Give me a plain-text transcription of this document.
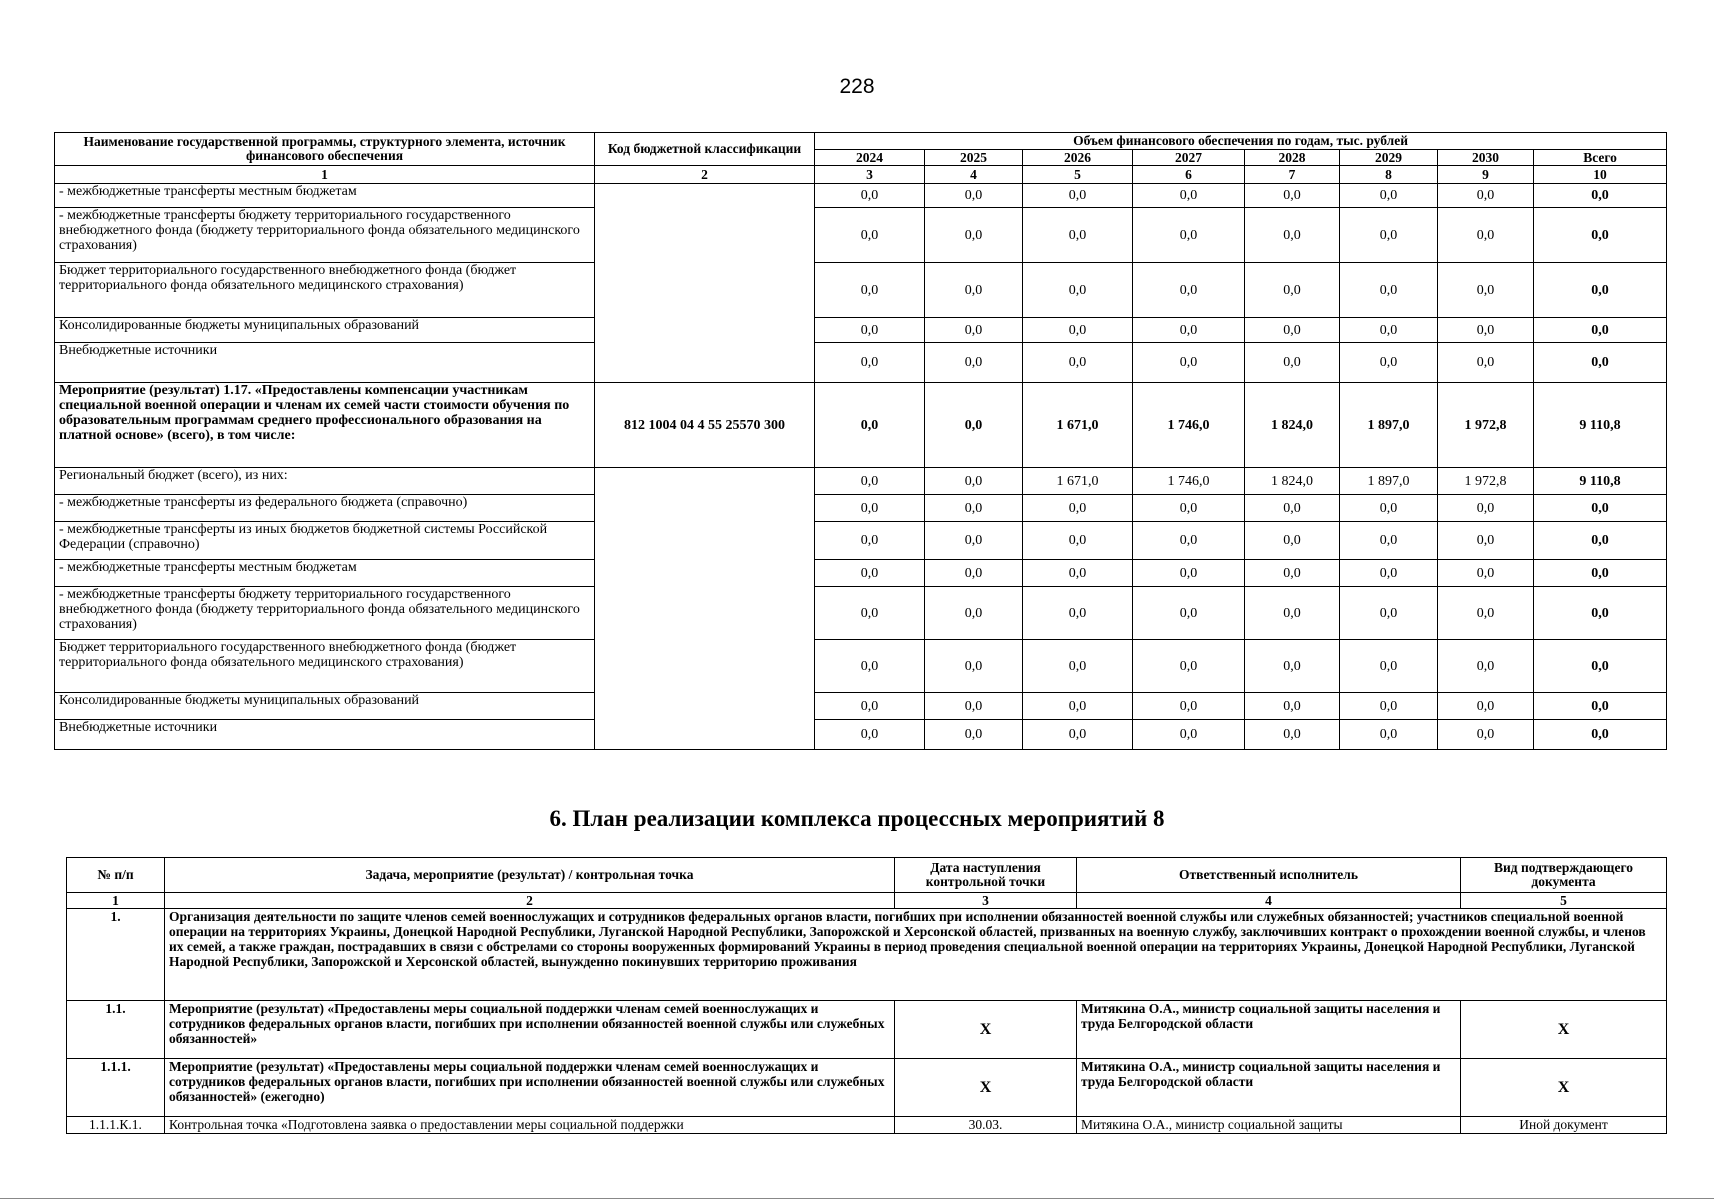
228
Наименование государственной программы, структурного элемента, источник финансового обеспечения	Код бюджетной классификации	Объем финансового обеспечения по годам, тыс. рублей							
		2024	2025	2026	2027	2028	2029	2030	Всего
1	2	3	4	5	6	7	8	9	10
- межбюджетные трансферты местным бюджетам		0,0	0,0	0,0	0,0	0,0	0,0	0,0	0,0
- межбюджетные трансферты бюджету территориального государственного внебюджетного фонда (бюджету территориального фонда обязательного медицинского страхования)		0,0	0,0	0,0	0,0	0,0	0,0	0,0	0,0
Бюджет территориального государственного внебюджетного фонда (бюджет территориального фонда обязательного медицинского страхования)		0,0	0,0	0,0	0,0	0,0	0,0	0,0	0,0
Консолидированные бюджеты муниципальных образований		0,0	0,0	0,0	0,0	0,0	0,0	0,0	0,0
Внебюджетные источники		0,0	0,0	0,0	0,0	0,0	0,0	0,0	0,0
Мероприятие (результат) 1.17. «Предоставлены компенсации участникам специальной военной операции и членам их семей части стоимости обучения по образовательным программам среднего профессионального образования на платной основе» (всего), в том числе:	812 1004 04 4 55 25570 300	0,0	0,0	1 671,0	1 746,0	1 824,0	1 897,0	1 972,8	9 110,8
Региональный бюджет (всего), из них:		0,0	0,0	1 671,0	1 746,0	1 824,0	1 897,0	1 972,8	9 110,8
- межбюджетные трансферты из федерального бюджета (справочно)		0,0	0,0	0,0	0,0	0,0	0,0	0,0	0,0
- межбюджетные трансферты из иных бюджетов бюджетной системы Российской Федерации (справочно)		0,0	0,0	0,0	0,0	0,0	0,0	0,0	0,0
- межбюджетные трансферты местным бюджетам		0,0	0,0	0,0	0,0	0,0	0,0	0,0	0,0
- межбюджетные трансферты бюджету территориального государственного внебюджетного фонда (бюджету территориального фонда обязательного медицинского страхования)		0,0	0,0	0,0	0,0	0,0	0,0	0,0	0,0
Бюджет территориального государственного внебюджетного фонда (бюджет территориального фонда обязательного медицинского страхования)		0,0	0,0	0,0	0,0	0,0	0,0	0,0	0,0
Консолидированные бюджеты муниципальных образований		0,0	0,0	0,0	0,0	0,0	0,0	0,0	0,0
Внебюджетные источники		0,0	0,0	0,0	0,0	0,0	0,0	0,0	0,0
6. План реализации комплекса процессных мероприятий 8
№ п/п	Задача, мероприятие (результат) / контрольная точка	Дата наступления контрольной точки	Ответственный исполнитель	Вид подтверждающего документа
1	2	3	4	5
1.	Организация деятельности по защите членов семей военнослужащих и сотрудников федеральных органов власти, погибших при исполнении обязанностей военной службы или служебных обязанностей; участников специальной военной операции на территориях Украины, Донецкой Народной Республики, Луганской Народной Республики, Запорожской и Херсонской областей, призванных на военную службу, заключивших контракт о прохождении военной службы, и членов их семей, а также граждан, пострадавших в связи с обстрелами со стороны вооруженных формирований Украины в период проведения специальной военной операции на территориях Украины, Донецкой Народной Республики, Луганской Народной Республики, Запорожской и Херсонской областей, вынужденно покинувших территорию проживания			
1.1.	Мероприятие (результат) «Предоставлены меры социальной поддержки членам семей военнослужащих и сотрудников федеральных органов власти, погибших при исполнении обязанностей военной службы или служебных обязанностей»	X	Митякина О.А., министр социальной защиты населения и труда Белгородской области	X
1.1.1.	Мероприятие (результат) «Предоставлены меры социальной поддержки членам семей военнослужащих и сотрудников федеральных органов власти, погибших при исполнении обязанностей военной службы или служебных обязанностей» (ежегодно)	X	Митякина О.А., министр социальной защиты населения и труда Белгородской области	X
1.1.1.К.1.	Контрольная точка «Подготовлена заявка о предоставлении меры социальной поддержки	30.03.	Митякина О.А., министр социальной защиты	Иной документ
